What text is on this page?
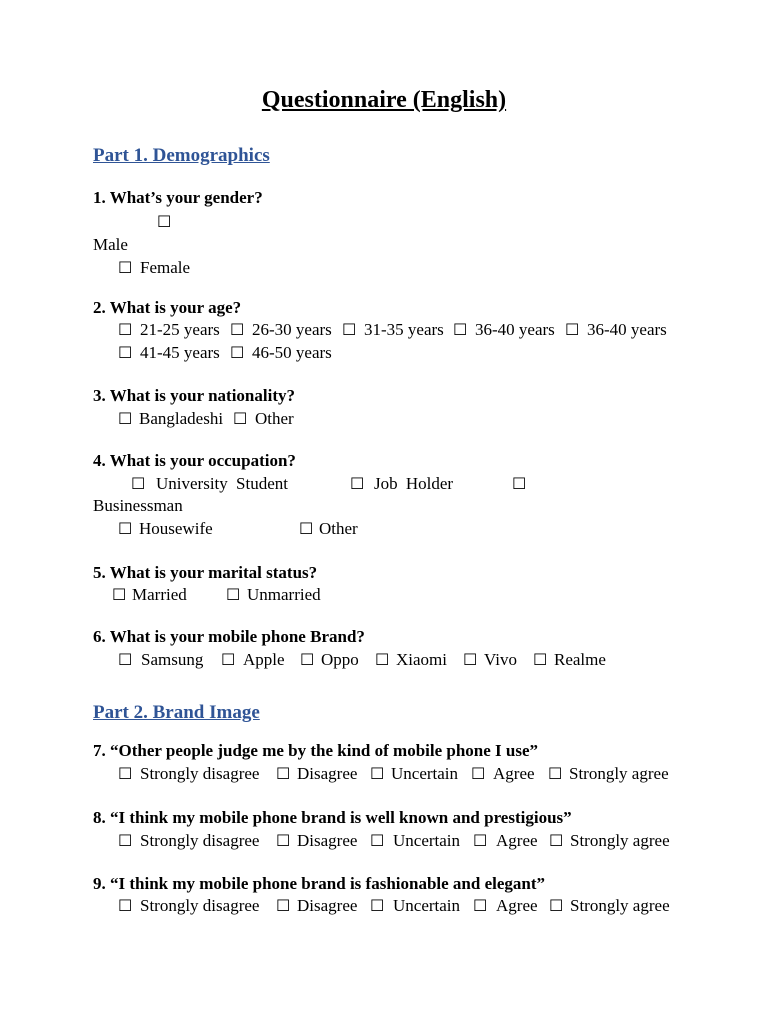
Questionnaire (English)
Part 1. Demographics
1. What’s your gender?
☐
Male
☐ Female
2. What is your age?
☐ 21-25 years ☐ 26-30 years ☐ 31-35 years ☐ 36-40 years ☐ 36-40 years
☐ 41-45 years ☐ 46-50 years
3. What is your nationality?
☐ Bangladeshi ☐ Other
4. What is your occupation?
☐ University Student	☐ Job Holder	☐
Businessman
☐ Housewife	☐ Other
5. What is your marital status?
☐ Married ☐ Unmarried
6. What is your mobile phone Brand?
☐ Samsung ☐ Apple ☐ Oppo ☐ Xiaomi ☐ Vivo ☐ Realme
Part 2. Brand Image
7. “Other people judge me by the kind of mobile phone I use”
☐ Strongly disagree ☐ Disagree ☐ Uncertain ☐ Agree ☐ Strongly agree
8. “I think my mobile phone brand is well known and prestigious”
☐ Strongly disagree ☐ Disagree ☐ Uncertain ☐ Agree ☐ Strongly agree
9. “I think my mobile phone brand is fashionable and elegant”
☐ Strongly disagree ☐ Disagree ☐ Uncertain ☐ Agree ☐ Strongly agree
